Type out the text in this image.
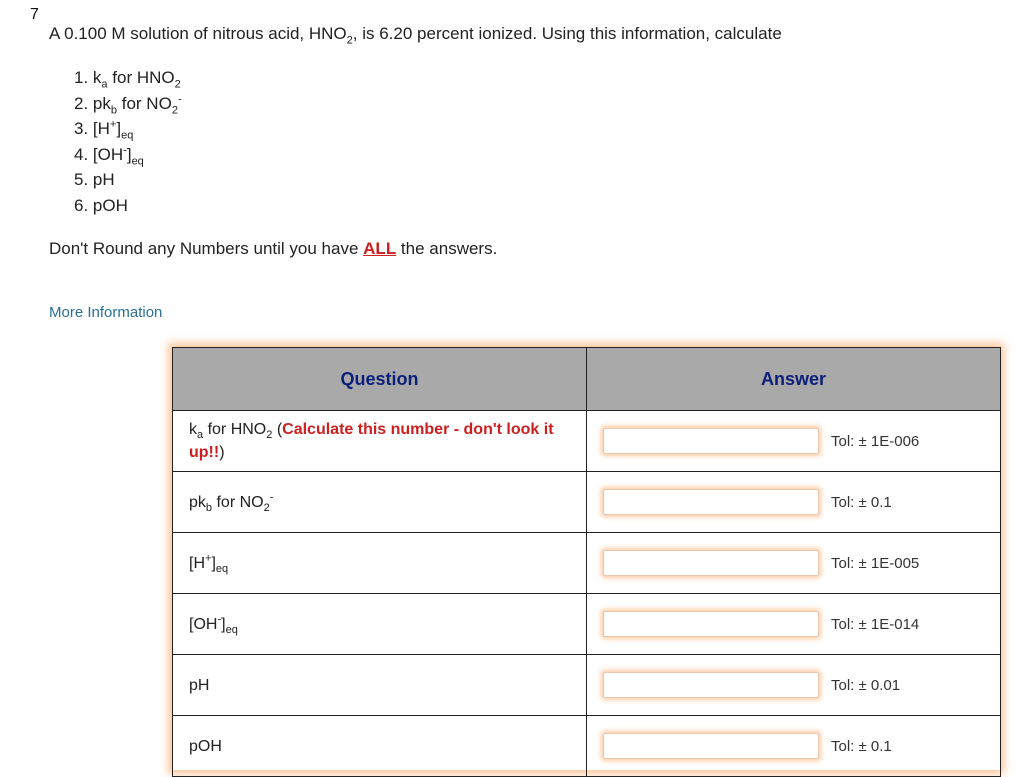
7
A 0.100 M solution of nitrous acid, $HNO_2$, is 6.20 percent ionized. Using this information, calculate
1. $k_a$ for $HNO_2$
2. $pk_b$ for $NO_2^-$
3. $[H^+]_{eq}$
4. $[OH^-]_{eq}$
5. pH
6. pOH
Don't Round any Numbers until you have ALL the answers.
More Information
Question	Answer
$k_a$ for $HNO_2$ (Calculate this number - don't look it up!!)	Tol: ± 1E-006
$pk_b$ for $NO_2^-$	Tol: ± 0.1
$[H^+]_{eq}$	Tol: ± 1E-005
$[OH^-]_{eq}$	Tol: ± 1E-014
pH	Tol: ± 0.01
pOH	Tol: ± 0.1
